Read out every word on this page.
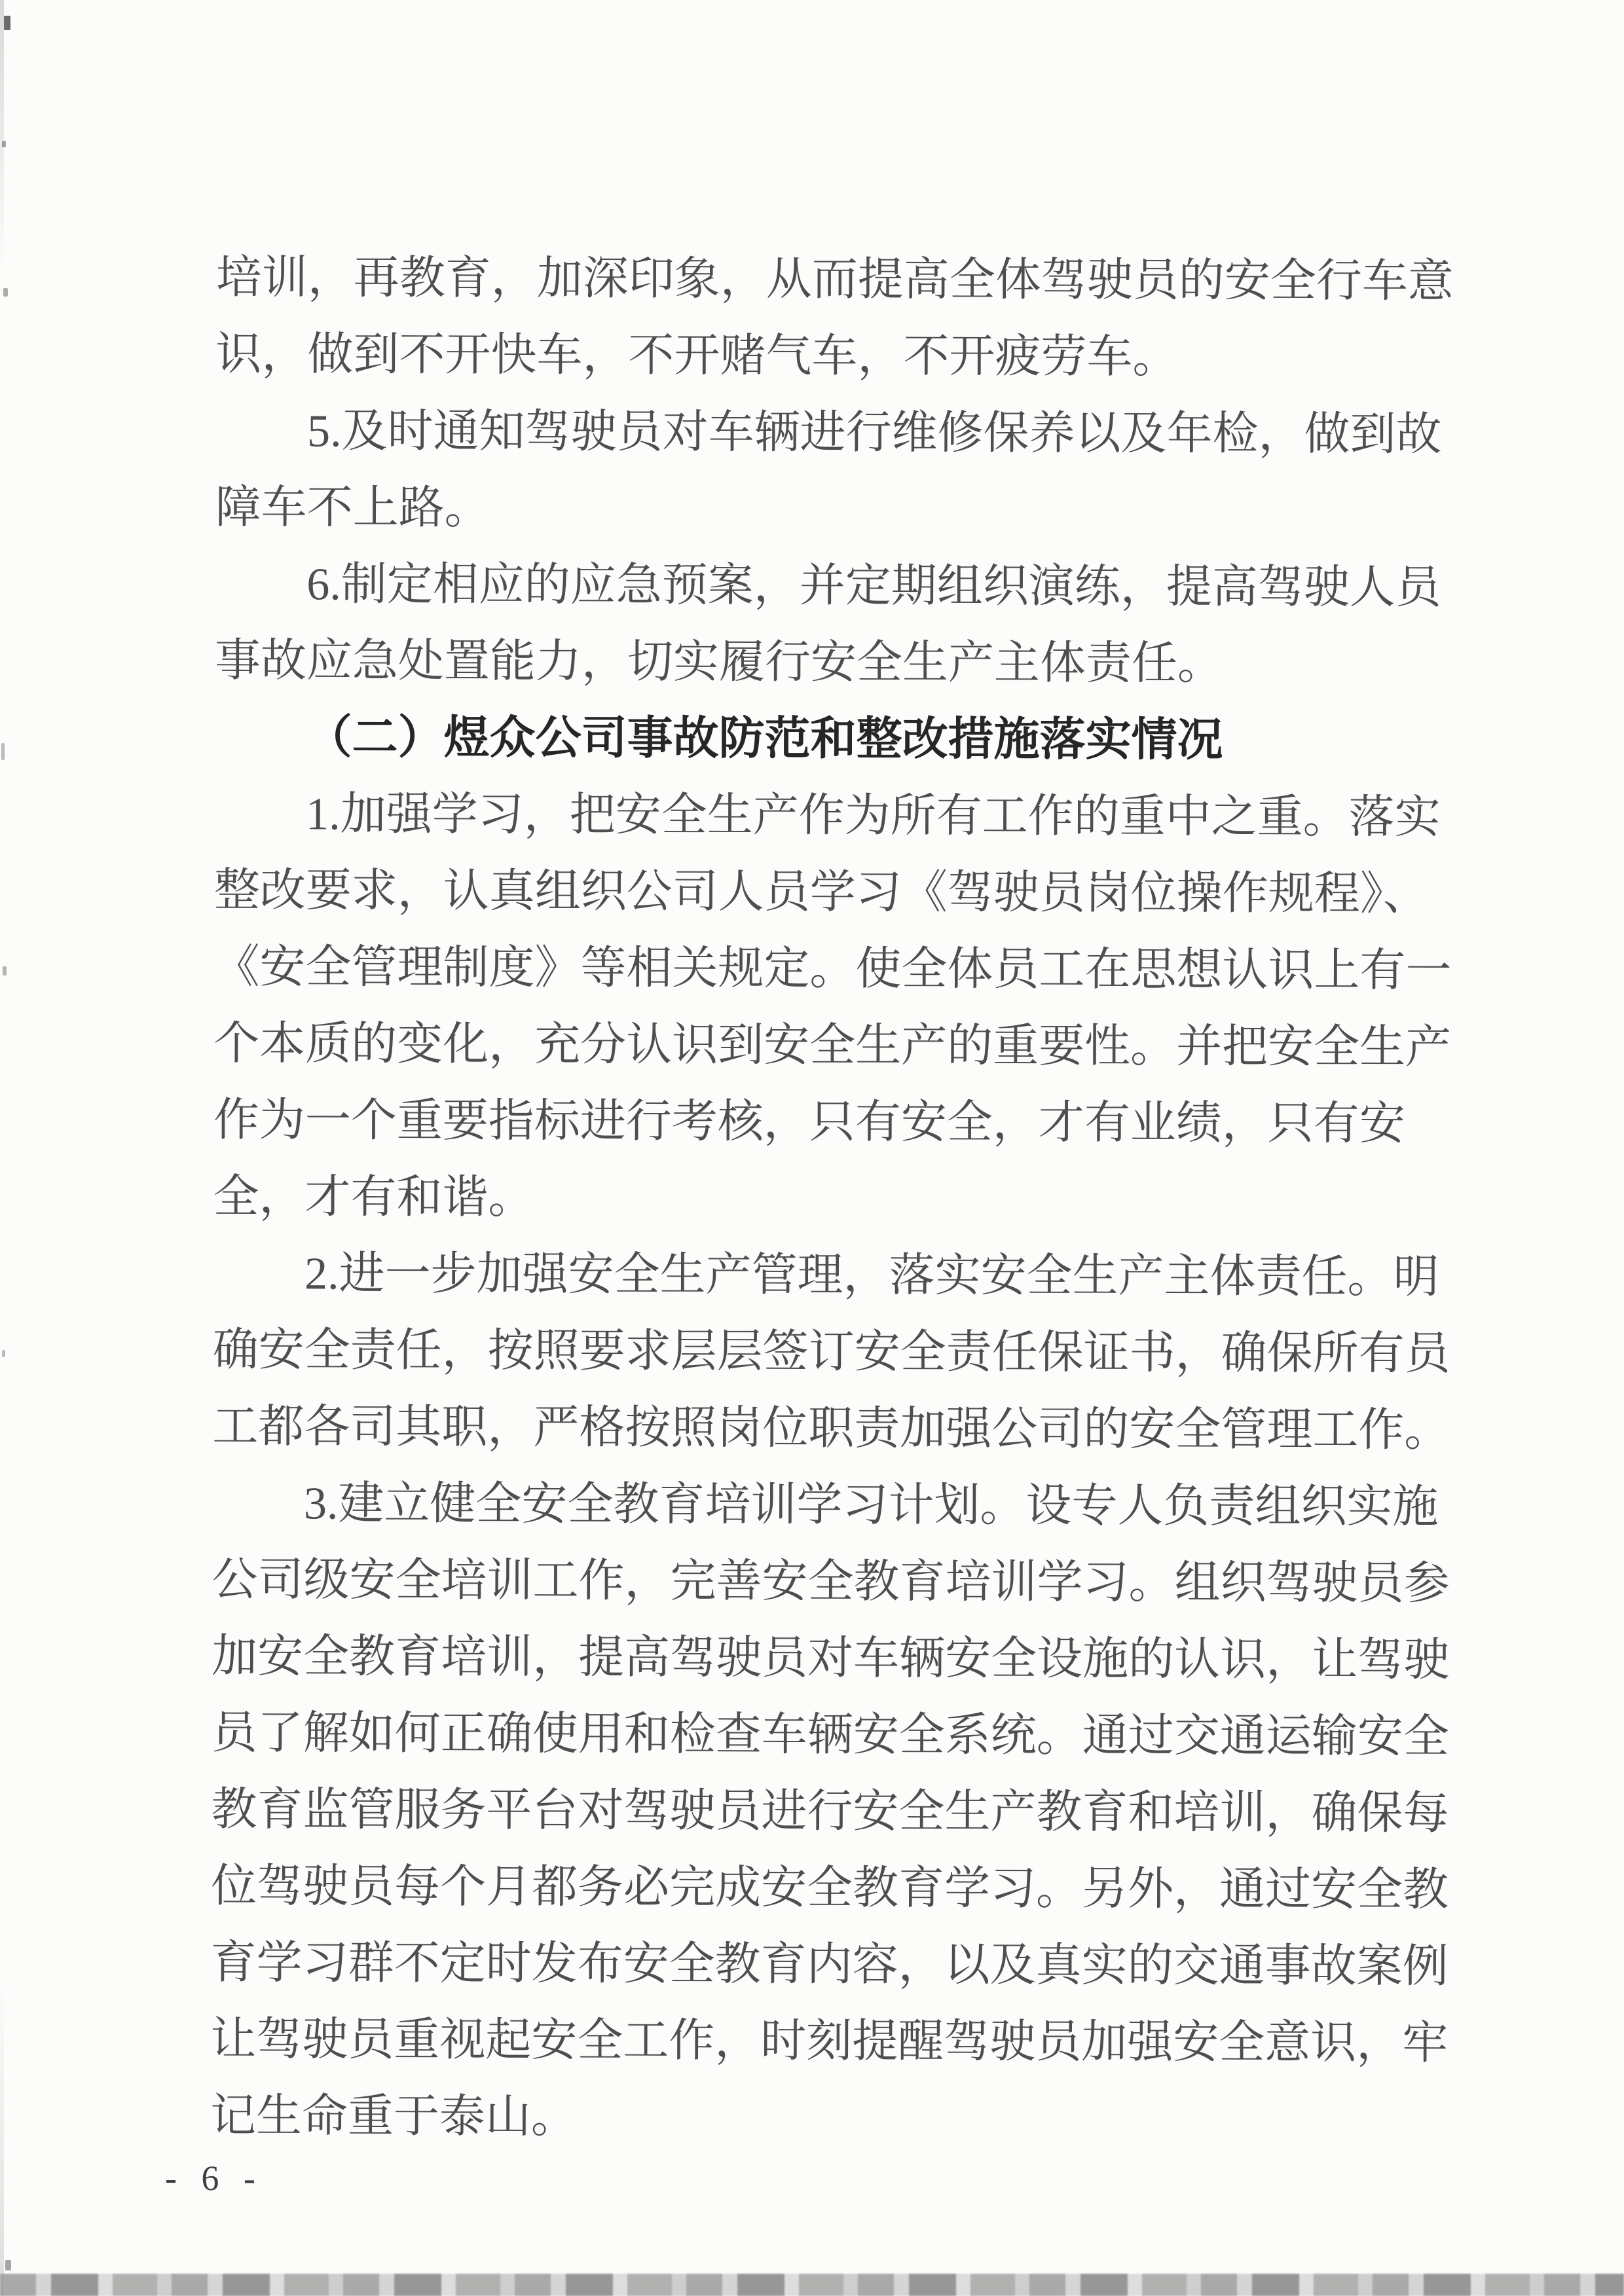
培训，再教育，加深印象，从而提高全体驾驶员的安全行车意
识，做到不开快车，不开赌气车，不开疲劳车。
5.及时通知驾驶员对车辆进行维修保养以及年检，做到故
障车不上路。
6.制定相应的应急预案，并定期组织演练，提高驾驶人员
事故应急处置能力，切实履行安全生产主体责任。
（二）煜众公司事故防范和整改措施落实情况
1.加强学习，把安全生产作为所有工作的重中之重。落实
整改要求，认真组织公司人员学习《驾驶员岗位操作规程》、
《安全管理制度》等相关规定。使全体员工在思想认识上有一
个本质的变化，充分认识到安全生产的重要性。并把安全生产
作为一个重要指标进行考核，只有安全，才有业绩，只有安
全，才有和谐。
2.进一步加强安全生产管理，落实安全生产主体责任。明
确安全责任，按照要求层层签订安全责任保证书，确保所有员
工都各司其职，严格按照岗位职责加强公司的安全管理工作。
3.建立健全安全教育培训学习计划。设专人负责组织实施
公司级安全培训工作，完善安全教育培训学习。组织驾驶员参
加安全教育培训，提高驾驶员对车辆安全设施的认识，让驾驶
员了解如何正确使用和检查车辆安全系统。通过交通运输安全
教育监管服务平台对驾驶员进行安全生产教育和培训，确保每
位驾驶员每个月都务必完成安全教育学习。另外，通过安全教
育学习群不定时发布安全教育内容，以及真实的交通事故案例
让驾驶员重视起安全工作，时刻提醒驾驶员加强安全意识，牢
记生命重于泰山。
- 6 -
